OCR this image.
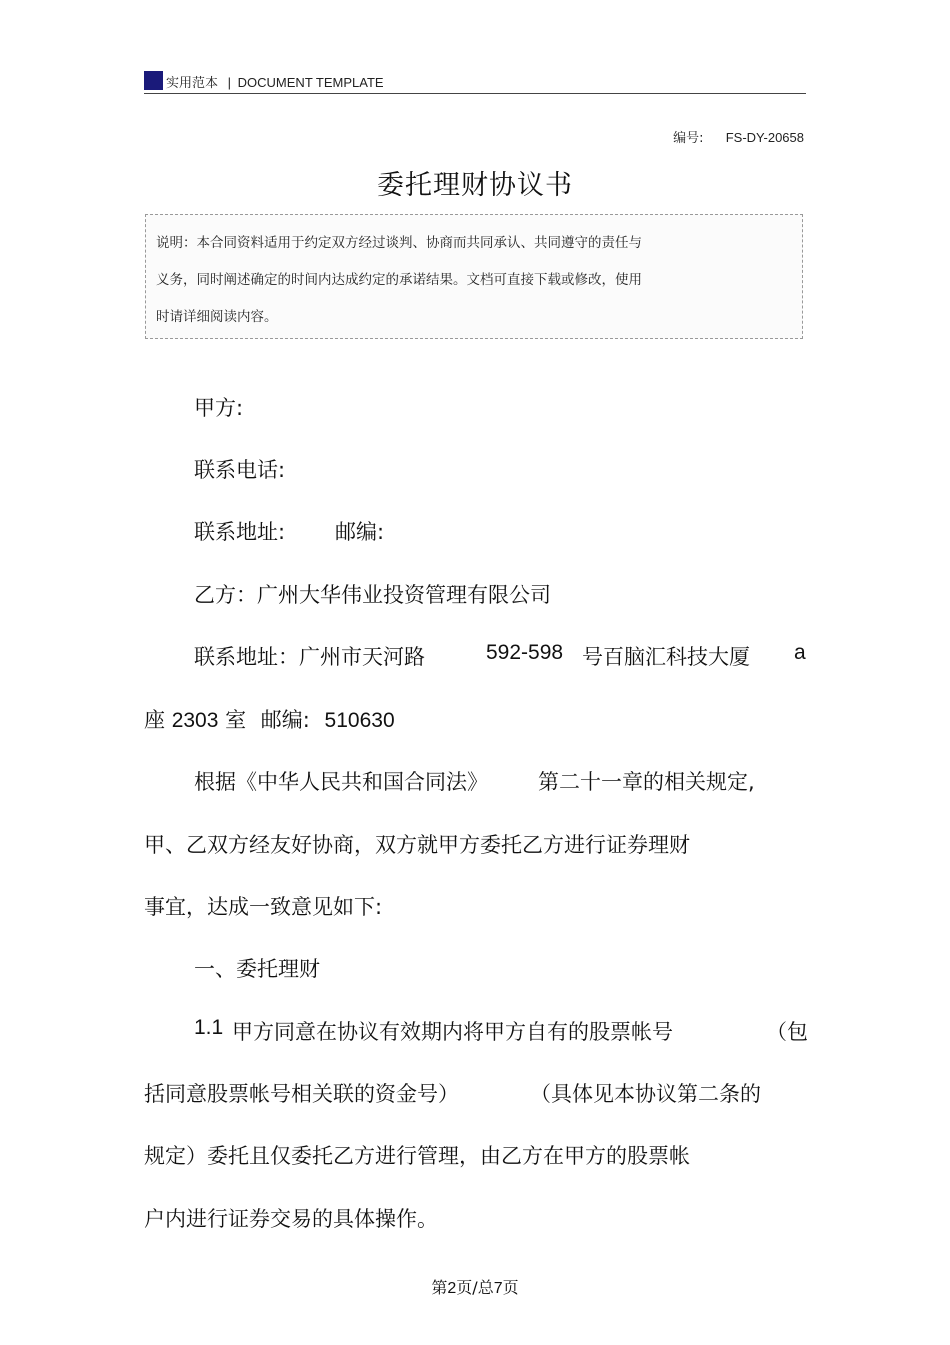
实用范本 | DOCUMENT TEMPLATE
编号: FS-DY-20658
委托理财协议书
说明：本合同资料适用于约定双方经过谈判、协商而共同承认、共同遵守的责任与
义务，同时阐述确定的时间内达成约定的承诺结果。文档可直接下载或修改，使用
时请详细阅读内容。
甲方:
联系电话:
联系地址: 邮编:
乙方：广州大华伟业投资管理有限公司
联系地址：广州市天河路	592-598 号百脑汇科技大厦 a
座 2303 室 邮编: 510630
根据《中华人民共和国合同法》 第二十一章的相关规定,
甲、乙双方经友好协商，双方就甲方委托乙方进行证券理财
事宜，达成一致意见如下:
一、委托理财
1.1 甲方同意在协议有效期内将甲方自有的股票帐号	（包
括同意股票帐号相关联的资金号）	（具体见本协议第二条的
规定）委托且仅委托乙方进行管理，由乙方在甲方的股票帐
户内进行证券交易的具体操作。
第2页/总7页
